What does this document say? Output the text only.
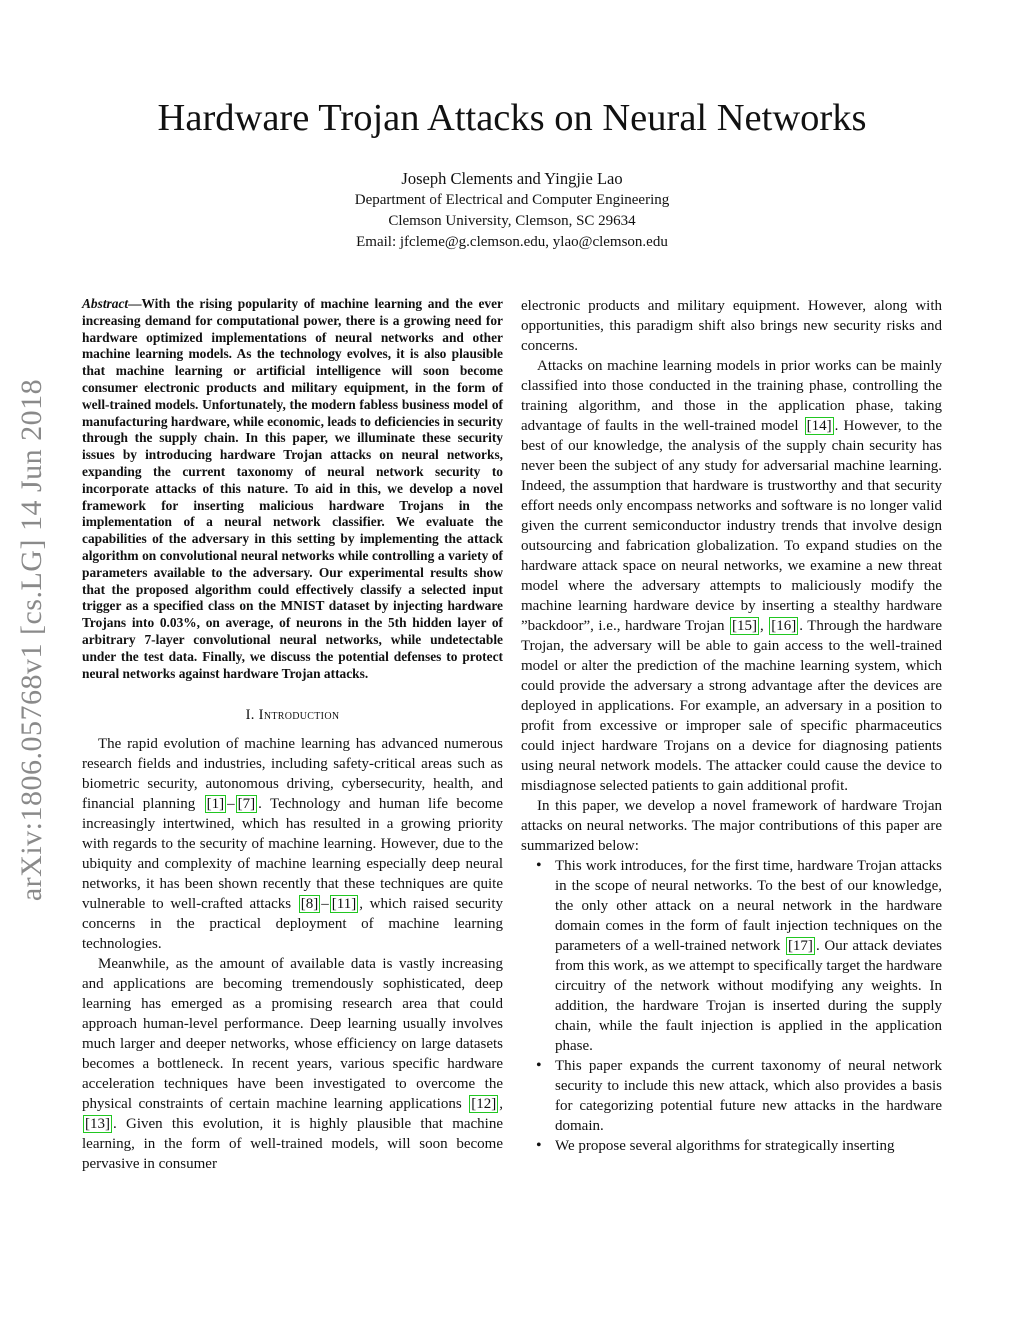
arXiv:1806.05768v1 [cs.LG] 14 Jun 2018
Hardware Trojan Attacks on Neural Networks
Joseph Clements and Yingjie Lao
Department of Electrical and Computer Engineering
Clemson University, Clemson, SC 29634
Email: jfcleme@g.clemson.edu, ylao@clemson.edu

Abstract—With the rising popularity of machine learning and the ever increasing demand for computational power, there is a growing need for hardware optimized implementations of neural networks and other machine learning models. As the technology evolves, it is also plausible that machine learning or artificial intelligence will soon become consumer electronic products and military equipment, in the form of well-trained models. Unfortunately, the modern fabless business model of manufacturing hardware, while economic, leads to deficiencies in security through the supply chain. In this paper, we illuminate these security issues by introducing hardware Trojan attacks on neural networks, expanding the current taxonomy of neural network security to incorporate attacks of this nature. To aid in this, we develop a novel framework for inserting malicious hardware Trojans in the implementation of a neural network classifier. We evaluate the capabilities of the adversary in this setting by implementing the attack algorithm on convolutional neural networks while controlling a variety of parameters available to the adversary. Our experimental results show that the proposed algorithm could effectively classify a selected input trigger as a specified class on the MNIST dataset by injecting hardware Trojans into 0.03%, on average, of neurons in the 5th hidden layer of arbitrary 7-layer convolutional neural networks, while undetectable under the test data. Finally, we discuss the potential defenses to protect neural networks against hardware Trojan attacks.

I. Introduction

The rapid evolution of machine learning has advanced numerous research fields and industries, including safety-critical areas such as biometric security, autonomous driving, cybersecurity, health, and financial planning [1] – [7] . Technology and human life become increasingly intertwined, which has resulted in a growing priority with regards to the security of machine learning. However, due to the ubiquity and complexity of machine learning especially deep neural networks, it has been shown recently that these techniques are quite vulnerable to well-crafted attacks [8] – [11] , which raised security concerns in the practical deployment of machine learning technologies.

Meanwhile, as the amount of available data is vastly increasing and applications are becoming tremendously sophisticated, deep learning has emerged as a promising research area that could approach human-level performance. Deep learning usually involves much larger and deeper networks, whose efficiency on large datasets becomes a bottleneck. In recent years, various specific hardware acceleration techniques have been investigated to overcome the physical constraints of certain machine learning applications [12] , [13] . Given this evolution, it is highly plausible that machine learning, in the form of well-trained models, will soon become pervasive in consumer

electronic products and military equipment. However, along with opportunities, this paradigm shift also brings new security risks and concerns.

Attacks on machine learning models in prior works can be mainly classified into those conducted in the training phase, controlling the training algorithm, and those in the application phase, taking advantage of faults in the well-trained model [14] . However, to the best of our knowledge, the analysis of the supply chain security has never been the subject of any study for adversarial machine learning. Indeed, the assumption that hardware is trustworthy and that security effort needs only encompass networks and software is no longer valid given the current semiconductor industry trends that involve design outsourcing and fabrication globalization. To expand studies on the hardware attack space on neural networks, we examine a new threat model where the adversary attempts to maliciously modify the machine learning hardware device by inserting a stealthy hardware ”backdoor”, i.e., hardware Trojan [15] , [16] . Through the hardware Trojan, the adversary will be able to gain access to the well-trained model or alter the prediction of the machine learning system, which could provide the adversary a strong advantage after the devices are deployed in applications. For example, an adversary in a position to profit from excessive or improper sale of specific pharmaceutics could inject hardware Trojans on a device for diagnosing patients using neural network models. The attacker could cause the device to misdiagnose selected patients to gain additional profit.

In this paper, we develop a novel framework of hardware Trojan attacks on neural networks. The major contributions of this paper are summarized below:

• This work introduces, for the first time, hardware Trojan attacks in the scope of neural networks. To the best of our knowledge, the only other attack on a neural network in the hardware domain comes in the form of fault injection techniques on the parameters of a well-trained network [17] . Our attack deviates from this work, as we attempt to specifically target the hardware circuitry of the network without modifying any weights. In addition, the hardware Trojan is inserted during the supply chain, while the fault injection is applied in the application phase.
• This paper expands the current taxonomy of neural network security to include this new attack, which also provides a basis for categorizing potential future new attacks in the hardware domain.
• We propose several algorithms for strategically inserting
